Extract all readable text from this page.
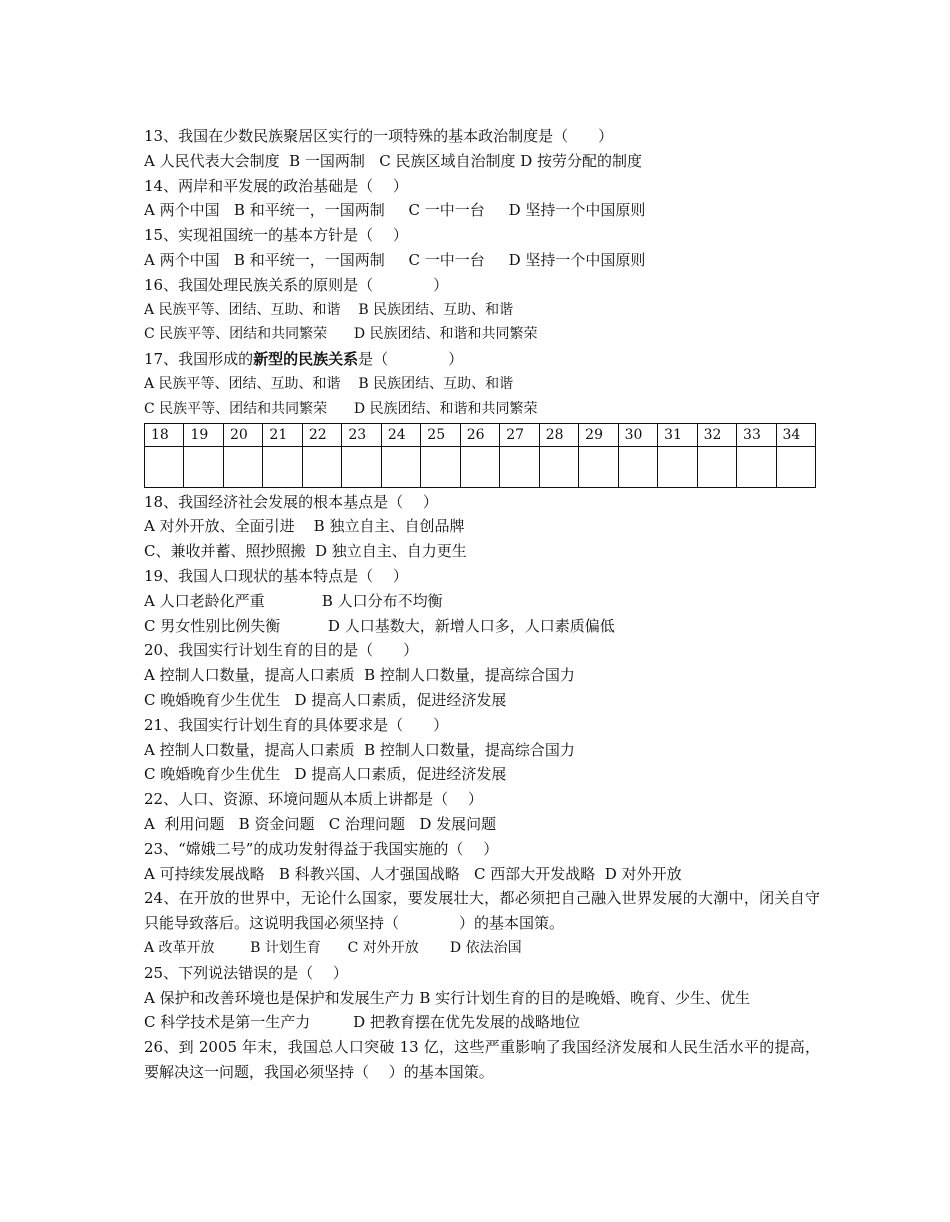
13、我国在少数民族聚居区实行的一项特殊的基本政治制度是（　　）
A 人民代表大会制度  B 一国两制   C 民族区域自治制度 D 按劳分配的制度
14、两岸和平发展的政治基础是（　 ）
A 两个中国   B 和平统一，一国两制     C 一中一台     D 坚持一个中国原则
15、实现祖国统一的基本方针是（　 ）
A 两个中国   B 和平统一，一国两制     C 一中一台     D 坚持一个中国原则
16、我国处理民族关系的原则是（　　　　）
A 民族平等、团结、互助、和谐    B 民族团结、互助、和谐
C 民族平等、团结和共同繁荣      D 民族团结、和谐和共同繁荣
17、我国形成的新型的民族关系是（　　　　）
A 民族平等、团结、互助、和谐    B 民族团结、互助、和谐
C 民族平等、团结和共同繁荣      D 民族团结、和谐和共同繁荣
18	19	20	21	22	23	24	25	26	27	28	29	30	31	32	33	34

18、我国经济社会发展的根本基点是（　 ）
A 对外开放、全面引进    B 独立自主、自创品牌
C、兼收并蓄、照抄照搬  D 独立自主、自力更生
19、我国人口现状的基本特点是（　 ）
A 人口老龄化严重            B 人口分布不均衡
C 男女性别比例失衡          D 人口基数大，新增人口多，人口素质偏低
20、我国实行计划生育的目的是（　　）
A 控制人口数量，提高人口素质  B 控制人口数量，提高综合国力
C 晚婚晚育少生优生   D 提高人口素质，促进经济发展
21、我国实行计划生育的具体要求是（　　）
A 控制人口数量，提高人口素质  B 控制人口数量，提高综合国力
C 晚婚晚育少生优生   D 提高人口素质，促进经济发展
22、人口、资源、环境问题从本质上讲都是（　 ）
A  利用问题   B 资金问题   C 治理问题   D 发展问题
23、“嫦娥二号”的成功发射得益于我国实施的（　 ）
A 可持续发展战略   B 科教兴国、人才强国战略   C 西部大开发战略  D 对外开放
24、在开放的世界中，无论什么国家，要发展壮大，都必须把自己融入世界发展的大潮中，闭关自守只能导致落后。这说明我国必须坚持（　　　　）的基本国策。
A 改革开放        B 计划生育      C 对外开放       D 依法治国
25、下列说法错误的是（　 ）
A 保护和改善环境也是保护和发展生产力 B 实行计划生育的目的是晚婚、晚育、少生、优生
C 科学技术是第一生产力         D 把教育摆在优先发展的战略地位
26、到 2005 年末，我国总人口突破 13 亿，这些严重影响了我国经济发展和人民生活水平的提高，要解决这一问题，我国必须坚持（　 ）的基本国策。
